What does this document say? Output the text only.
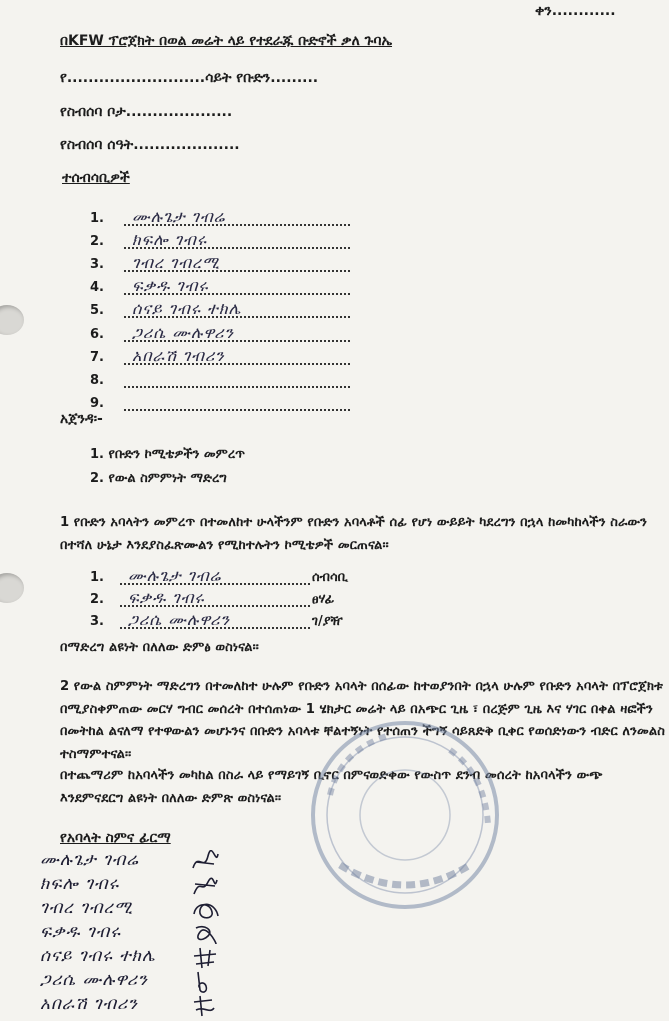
ቀን............
በKFW ፕሮጀክት በወል መሬት ላይ የተደራጁ ቡድኖች ቃለ ጉባኤ
የ..........................ሳይት የቡድን.........
የስብሰባ ቦታ....................
የስብሰባ ሰዓት....................
ተሰብሳቢዎች
1.	ሙሉጌታ ገብሬ
2.	ክፍሎ ገብሩ
3.	ገብረ ገብረሚ
4.	ፍቃዱ ገብሩ
5.	ሰናይ ገብሩ ተክሌ
6.	ጋሪሴ ሙሉዋሪን
7.	አበራሽ ገብሪን
8.
9.
አጀንዳ፡-
1. የቡድን ኮሚቴዎችን መምረጥ
2. የውል ስምምነት ማድረግ
1 የቡድን አባላትን መምረጥ በተመለከተ ሁላችንም የቡድን አባላቶች ሰፊ የሆነ ውይይት ካደረግን በኋላ ከመካከላችን ስራውን በተሻለ ሁኔታ እንደያስፈጽሙልን የሚከተሉትን ኮሚቴዎች መርጠናል፡፡
1.	ሙሉጌታ ገብሬ	ሰብሳቢ
2.	ፍቃዱ ገብሩ	ፀሃፊ
3.	ጋሪሴ ሙሉዋሪን	ገ/ያዥ
በማድረግ ልዩነት በለለው ድምፅ ወስነናል፡፡
2 የውል ስምምነት ማድረግን በተመለከተ ሁሉም የቡድን አባላት በሰፊው ከተወያንበት በኋላ ሁሉም የቡድን አባላት በፕሮጀክቱ በሚያስቀምጠው መርሃ ግብር መሰረት በተሰጠነው 1 ሄክታር መሬት ላይ በአጭር ጊዜ ፣ በረጅም ጊዜ እና ሃገር በቀል ዛፎችን በመትከል ልናለማ የተዋውልን መሆኑንና በቡድን አባላቱ ቸልተኝነት የተሰጠን ችግኝ ሳይጸድቅ ቢቀር የወሰድነውን ብድር ለንመልስ ተስማምተናል፡፡
በተጨማሪም ከአባላችን መካከል በስራ ላይ የማይገኝ ቢኖር በምናወድቀው የውስጥ ደንብ መሰረት ከአባላችን ውጭ እንደምናደርግ ልዩነት በለለው ድምጽ ወስነናል፡፡
የአባላት ስምና ፊርማ
ሙሉጌታ ገብሬ
ክፍሎ ገብሩ
ገብረ ገብረሚ
ፍቃዱ ገብሩ
ሰናይ ገብሩ ተክሌ
ጋሪሴ ሙሉዋሪን
አበራሽ ገብሪን
